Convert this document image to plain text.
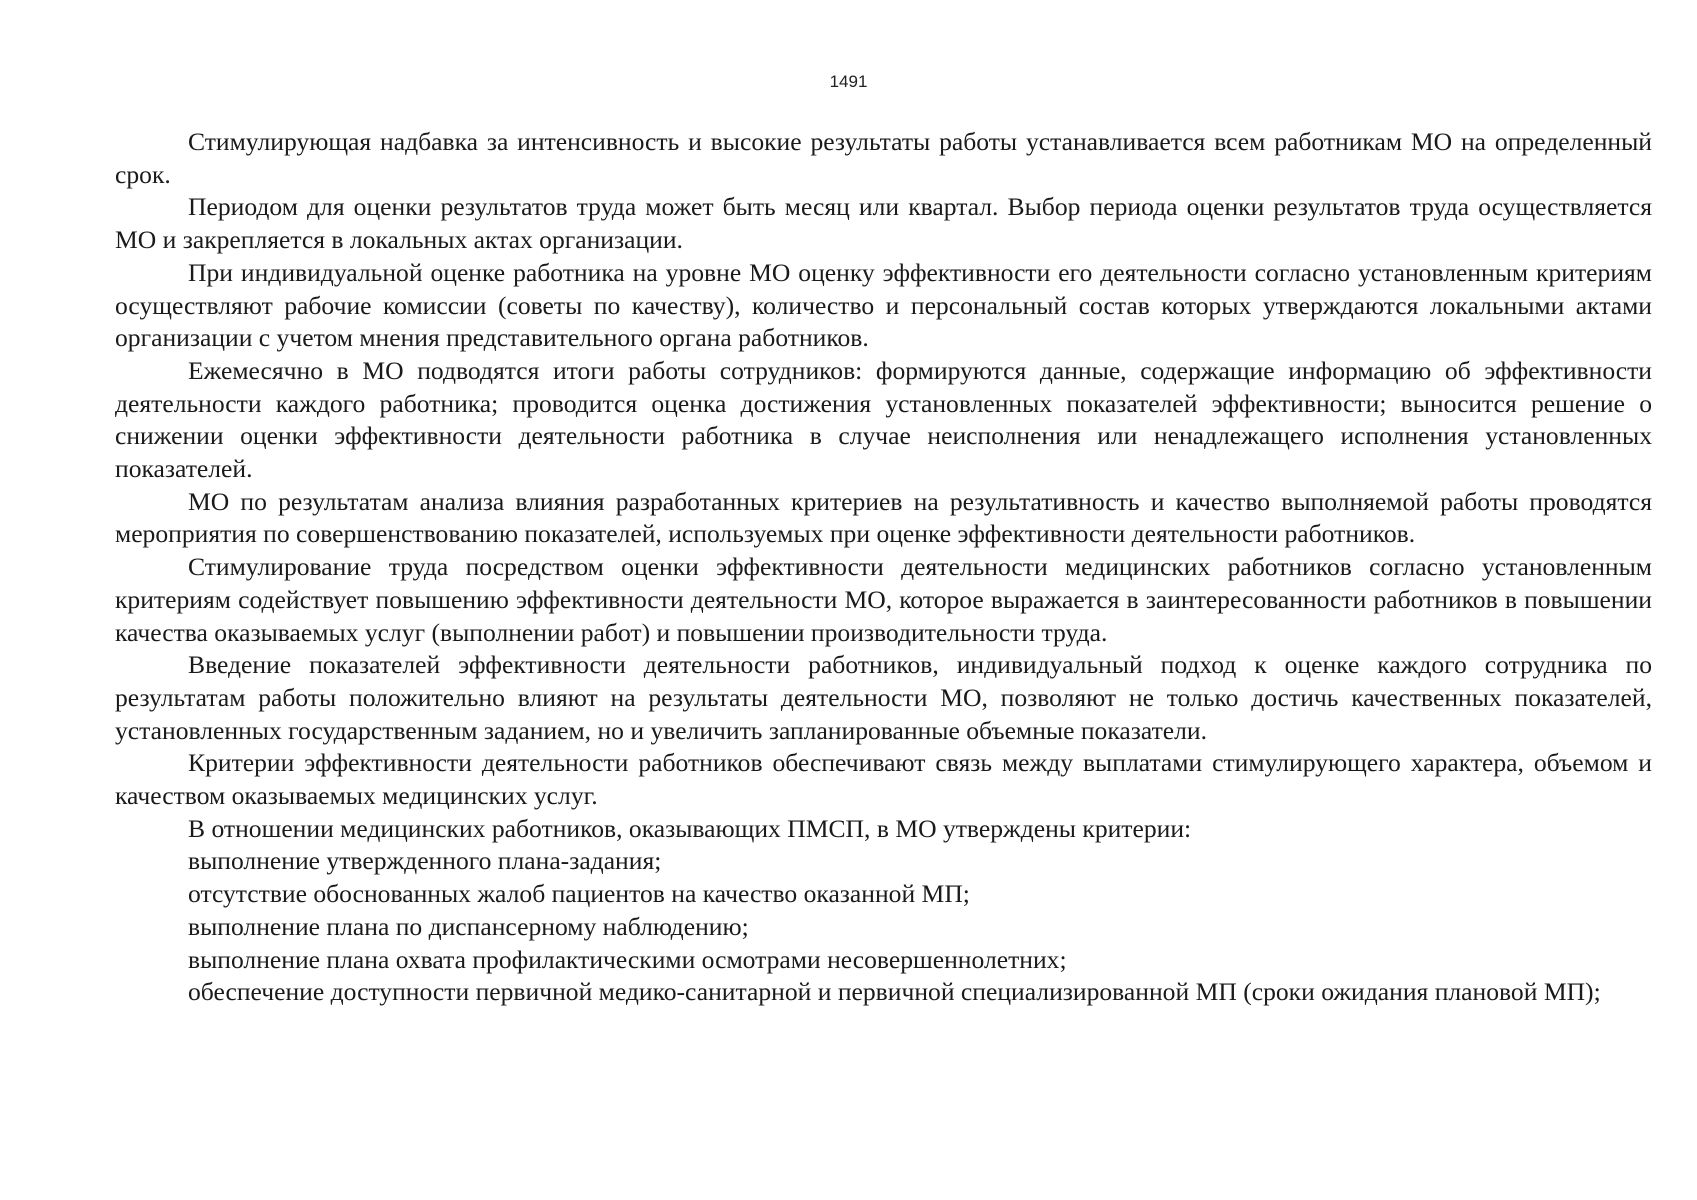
1491

Стимулирующая надбавка за интенсивность и высокие результаты работы устанавливается всем работникам МО на определенный срок.

Периодом для оценки результатов труда может быть месяц или квартал. Выбор периода оценки результатов труда осуществляется МО и закрепляется в локальных актах организации.

При индивидуальной оценке работника на уровне МО оценку эффективности его деятельности согласно установленным критериям осуществляют рабочие комиссии (советы по качеству), количество и персональный состав которых утверждаются локальными актами организации с учетом мнения представительного органа работников.

Ежемесячно в МО подводятся итоги работы сотрудников: формируются данные, содержащие информацию об эффективности деятельности каждого работника; проводится оценка достижения установленных показателей эффективности; выносится решение о снижении оценки эффективности деятельности работника в случае неисполнения или ненадлежащего исполнения установленных показателей.

МО по результатам анализа влияния разработанных критериев на результативность и качество выполняемой работы проводятся мероприятия по совершенствованию показателей, используемых при оценке эффективности деятельности работников.

Стимулирование труда посредством оценки эффективности деятельности медицинских работников согласно установленным критериям содействует повышению эффективности деятельности МО, которое выражается в заинтересованности работников в повышении качества оказываемых услуг (выполнении работ) и повышении производительности труда.

Введение показателей эффективности деятельности работников, индивидуальный подход к оценке каждого сотрудника по результатам работы положительно влияют на результаты деятельности МО, позволяют не только достичь качественных показателей, установленных государственным заданием, но и увеличить запланированные объемные показатели.

Критерии эффективности деятельности работников обеспечивают связь между выплатами стимулирующего характера, объемом и качеством оказываемых медицинских услуг.

В отношении медицинских работников, оказывающих ПМСП, в МО утверждены критерии:

выполнение утвержденного плана-задания;

отсутствие обоснованных жалоб пациентов на качество оказанной МП;

выполнение плана по диспансерному наблюдению;

выполнение плана охвата профилактическими осмотрами несовершеннолетних;

обеспечение доступности первичной медико-санитарной и первичной специализированной МП (сроки ожидания плановой МП);
